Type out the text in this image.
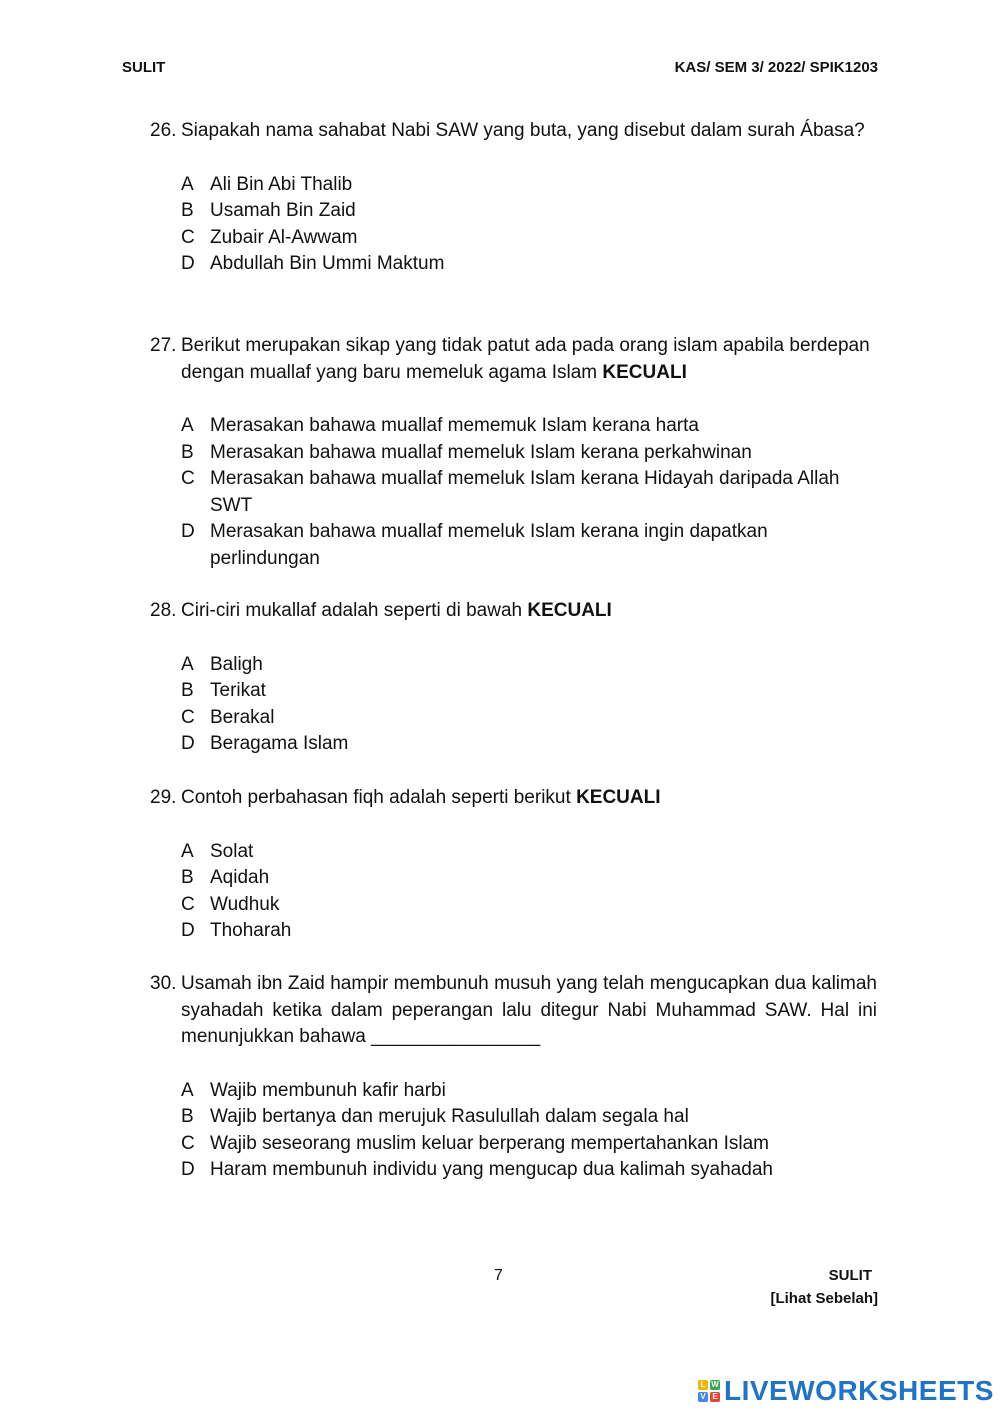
SULIT	KAS/ SEM 3/ 2022/ SPIK1203
26. Siapakah nama sahabat Nabi SAW yang buta, yang disebut dalam surah Ábasa?
A Ali Bin Abi Thalib
B Usamah Bin Zaid
C Zubair Al-Awwam
D Abdullah Bin Ummi Maktum
27. Berikut merupakan sikap yang tidak patut ada pada orang islam apabila berdepan dengan muallaf yang baru memeluk agama Islam KECUALI
A Merasakan bahawa muallaf mememuk Islam kerana harta
B Merasakan bahawa muallaf memeluk Islam kerana perkahwinan
C Merasakan bahawa muallaf memeluk Islam kerana Hidayah daripada Allah SWT
D Merasakan bahawa muallaf memeluk Islam kerana ingin dapatkan perlindungan
28. Ciri-ciri mukallaf adalah seperti di bawah KECUALI
A Baligh
B Terikat
C Berakal
D Beragama Islam
29. Contoh perbahasan fiqh adalah seperti berikut KECUALI
A Solat
B Aqidah
C Wudhuk
D Thoharah
30. Usamah ibn Zaid hampir membunuh musuh yang telah mengucapkan dua kalimah syahadah ketika dalam peperangan lalu ditegur Nabi Muhammad SAW. Hal ini menunjukkan bahawa ________________
A Wajib membunuh kafir harbi
B Wajib bertanya dan merujuk Rasulullah dalam segala hal
C Wajib seseorang muslim keluar berperang mempertahankan Islam
D Haram membunuh individu yang mengucap dua kalimah syahadah
7	SULIT
[Lihat Sebelah]
L W
V E LIVEWORKSHEETS
